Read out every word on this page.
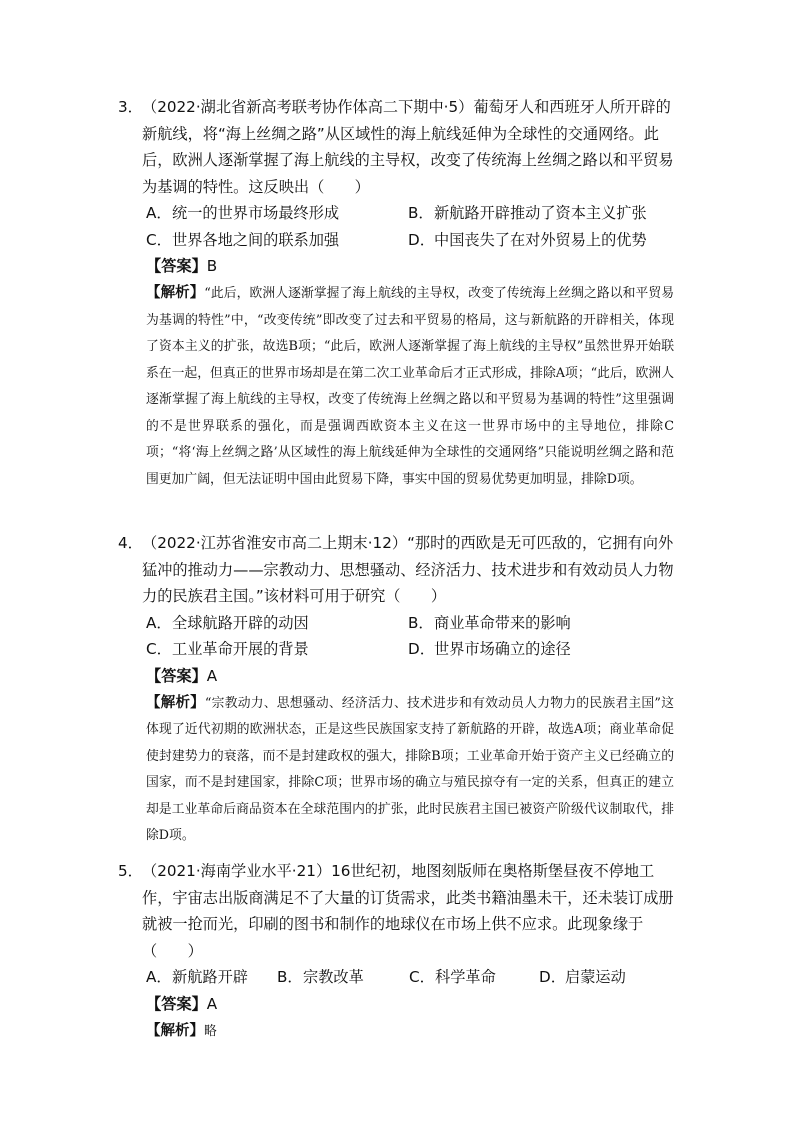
3．（2022·湖北省新高考联考协作体高二下期中·5）葡萄牙人和西班牙人所开辟的新航线，将“海上丝绸之路”从区域性的海上航线延伸为全球性的交通网络。此后，欧洲人逐渐掌握了海上航线的主导权，改变了传统海上丝绸之路以和平贸易为基调的特性。这反映出（　　）
A． 统一的世界市场最终形成	B． 新航路开辟推动了资本主义扩张
C． 世界各地之间的联系加强	D． 中国丧失了在对外贸易上的优势
【答案】B
【解析】“此后，欧洲人逐渐掌握了海上航线的主导权，改变了传统海上丝绸之路以和平贸易为基调的特性”中，“改变传统”即改变了过去和平贸易的格局，这与新航路的开辟相关，体现了资本主义的扩张，故选B项；“此后，欧洲人逐渐掌握了海上航线的主导权”虽然世界开始联系在一起，但真正的世界市场却是在第二次工业革命后才正式形成，排除A项；“此后，欧洲人逐渐掌握了海上航线的主导权，改变了传统海上丝绸之路以和平贸易为基调的特性”这里强调的不是世界联系的强化，而是强调西欧资本主义在这一世界市场中的主导地位，排除C项；“将‘海上丝绸之路’从区域性的海上航线延伸为全球性的交通网络”只能说明丝绸之路和范围更加广阔，但无法证明中国由此贸易下降，事实中国的贸易优势更加明显，排除D项。
4．（2022·江苏省淮安市高二上期末·12）“那时的西欧是无可匹敌的，它拥有向外猛冲的推动力——宗教动力、思想骚动、经济活力、技术进步和有效动员人力物力的民族君主国。”该材料可用于研究（　　）
A． 全球航路开辟的动因	B． 商业革命带来的影响
C． 工业革命开展的背景	D． 世界市场确立的途径
【答案】A
【解析】“宗教动力、思想骚动、经济活力、技术进步和有效动员人力物力的民族君主国”这体现了近代初期的欧洲状态，正是这些民族国家支持了新航路的开辟，故选A项；商业革命促使封建势力的衰落，而不是封建政权的强大，排除B项；工业革命开始于资产主义已经确立的国家，而不是封建国家，排除C项；世界市场的确立与殖民掠夺有一定的关系，但真正的建立却是工业革命后商品资本在全球范围内的扩张，此时民族君主国已被资产阶级代议制取代，排除D项。
5．（2021·海南学业水平·21）16世纪初，地图刻版师在奥格斯堡昼夜不停地工作，宇宙志出版商满足不了大量的订货需求，此类书籍油墨未干，还未装订成册就被一抢而光，印刷的图书和制作的地球仪在市场上供不应求。此现象缘于（　　）
A． 新航路开辟 B． 宗教改革	C． 科学革命	D． 启蒙运动
【答案】A
【解析】略
